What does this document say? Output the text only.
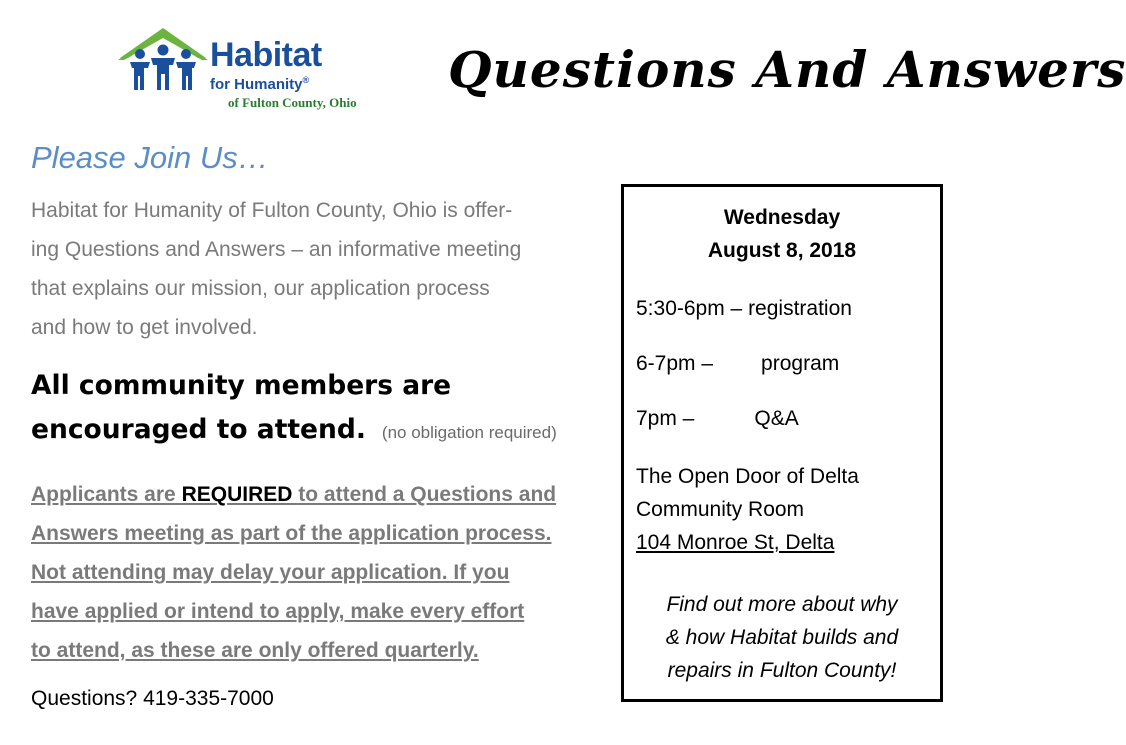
Habitat
for Humanity®
of Fulton County, Ohio
Questions And Answers
Please Join Us…
Habitat for Humanity of Fulton County, Ohio is offer-
ing Questions and Answers – an informative meeting
that explains our mission, our application process
and how to get involved.
All community members are
encouraged to attend. (no obligation required)
Applicants are REQUIRED to attend a Questions and
Answers meeting as part of the application process.
Not attending may delay your application. If you
have applied or intend to apply, make every effort
to attend, as these are only offered quarterly.
Questions? 419-335-7000
Wednesday
August 8, 2018
5:30-6pm – registration
6-7pm – program
7pm –	Q&A
The Open Door of Delta
Community Room
104 Monroe St, Delta
Find out more about why
& how Habitat builds and
repairs in Fulton County!
